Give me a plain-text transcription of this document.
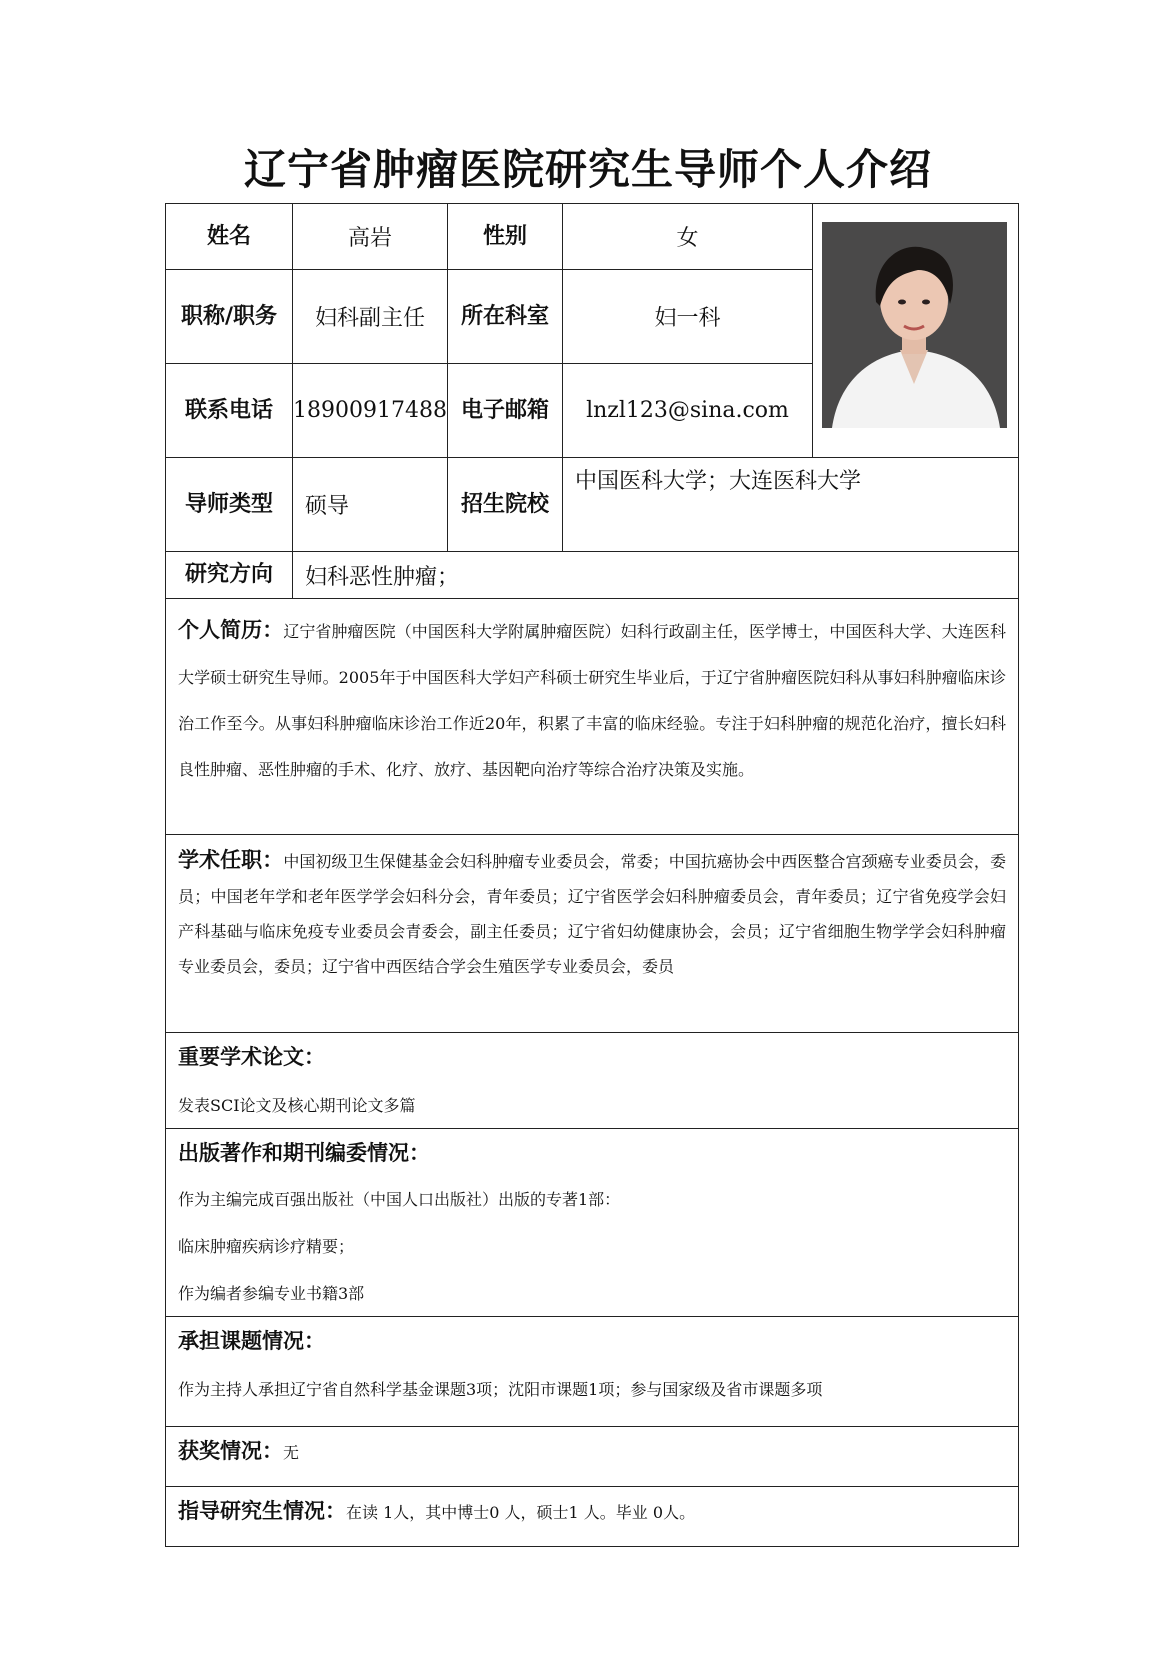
辽宁省肿瘤医院研究生导师个人介绍
姓名	高岩	性别	女	

职称/职务	妇科副主任	所在科室	妇一科	
联系电话	18900917488	电子邮箱	lnzl123@sina.com	
导师类型	硕导	招生院校	中国医科大学；大连医科大学	
研究方向	妇科恶性肿瘤；			

个人简历：辽宁省肿瘤医院（中国医科大学附属肿瘤医院）妇科行政副主任，医学博士，中国医科大学、大连医科大学硕士研究生导师。2005年于中国医科大学妇产科硕士研究生毕业后，于辽宁省肿瘤医院妇科从事妇科肿瘤临床诊治工作至今。从事妇科肿瘤临床诊治工作近20年，积累了丰富的临床经验。专注于妇科肿瘤的规范化治疗，擅长妇科良性肿瘤、恶性肿瘤的手术、化疗、放疗、基因靶向治疗等综合治疗决策及实施。				

学术任职：中国初级卫生保健基金会妇科肿瘤专业委员会，常委；中国抗癌协会中西医整合宫颈癌专业委员会，委员；中国老年学和老年医学学会妇科分会，青年委员；辽宁省医学会妇科肿瘤委员会，青年委员；辽宁省免疫学会妇产科基础与临床免疫专业委员会青委会，副主任委员；辽宁省妇幼健康协会，会员；辽宁省细胞生物学学会妇科肿瘤专业委员会，委员；辽宁省中西医结合学会生殖医学专业委员会，委员				

重要学术论文：
发表SCI论文及核心期刊论文多篇				

出版著作和期刊编委情况：
作为主编完成百强出版社（中国人口出版社）出版的专著1部：
临床肿瘤疾病诊疗精要；
作为编者参编专业书籍3部				

承担课题情况：
作为主持人承担辽宁省自然科学基金课题3项；沈阳市课题1项；参与国家级及省市课题多项				

获奖情况：无				
指导研究生情况：在读 1人，其中博士0 人，硕士1 人。毕业 0人。				
